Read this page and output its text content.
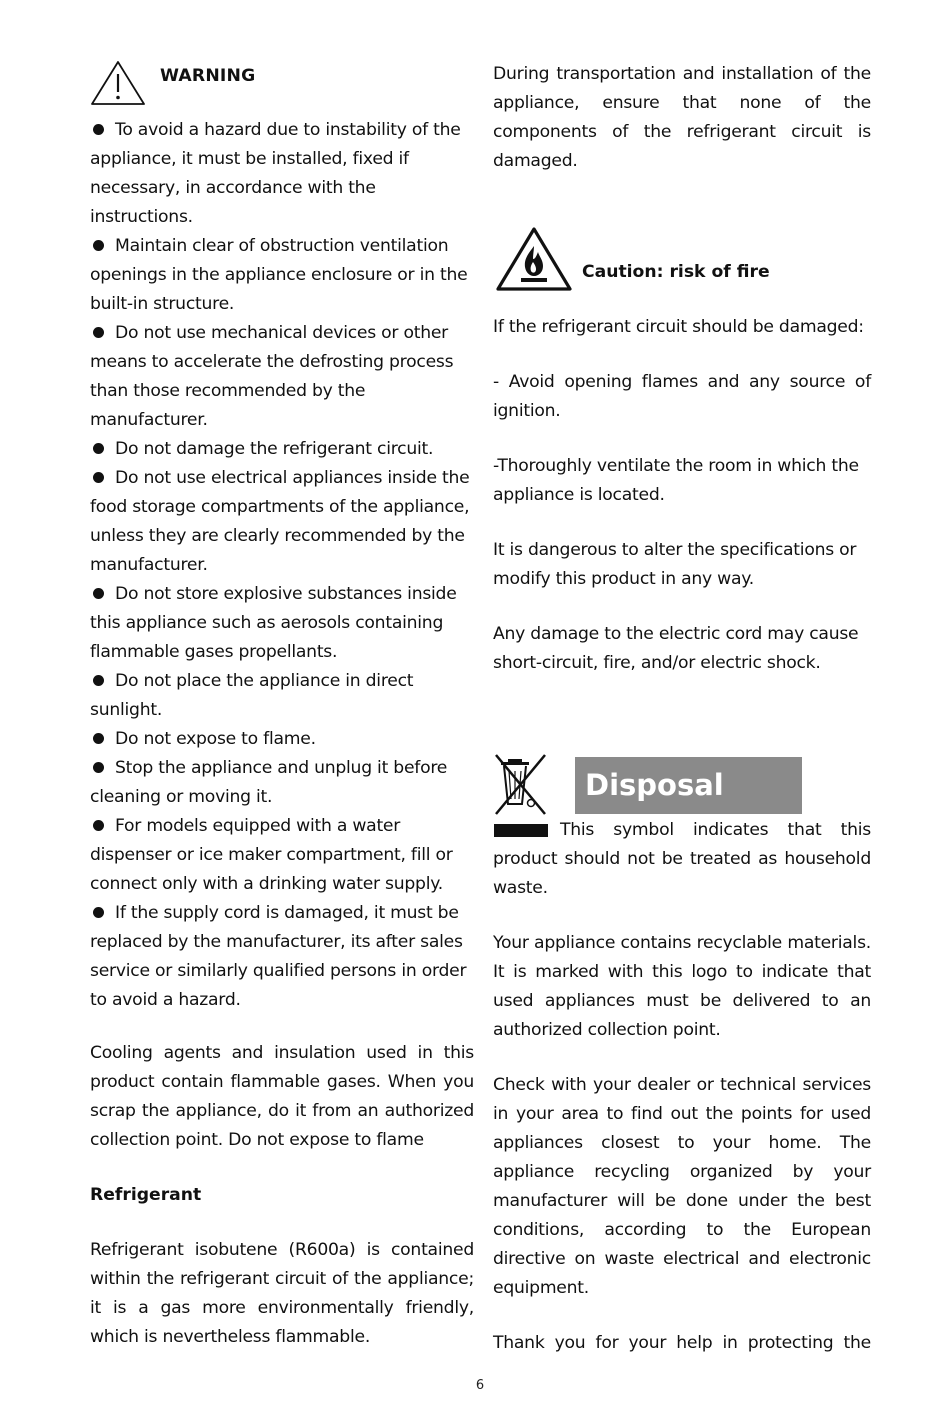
WARNING
To avoid a hazard due to instability of the appliance, it must be installed, fixed if necessary, in accordance with the instructions.
Maintain clear of obstruction ventilation openings in the appliance enclosure or in the built-in structure.
Do not use mechanical devices or other means to accelerate the defrosting process than those recommended by the manufacturer.
Do not damage the refrigerant circuit.
Do not use electrical appliances inside the food storage compartments of the appliance, unless they are clearly recommended by the manufacturer.
Do not store explosive substances inside this appliance such as aerosols containing flammable gases propellants.
Do not place the appliance in direct sunlight.
Do not expose to flame.
Stop the appliance and unplug it before cleaning or moving it.
For models equipped with a water dispenser or ice maker compartment, fill or connect only with a drinking water supply.
If the supply cord is damaged, it must be replaced by the manufacturer, its after sales service or similarly qualified persons in order to avoid a hazard.

Cooling agents and insulation used in this product contain flammable gases. When you scrap the appliance, do it from an authorized collection point. Do not expose to flame

Refrigerant

Refrigerant isobutene (R600a) is contained within the refrigerant circuit of the appliance; it is a gas more environmentally friendly, which is nevertheless flammable.

During transportation and installation of the appliance, ensure that none of the components of the refrigerant circuit is damaged.

Caution: risk of fire

If the refrigerant circuit should be damaged:

- Avoid opening flames and any source of ignition.

-Thoroughly ventilate the room in which the appliance is located.

It is dangerous to alter the specifications or modify this product in any way.

Any damage to the electric cord may cause short-circuit, fire, and/or electric shock.

Disposal

This symbol indicates that this product should not be treated as household waste.

Your appliance contains recyclable materials. It is marked with this logo to indicate that used appliances must be delivered to an authorized collection point.

Check with your dealer or technical services in your area to find out the points for used appliances closest to your home. The appliance recycling organized by your manufacturer will be done under the best conditions, according to the European directive on waste electrical and electronic equipment.

Thank you for your help in protecting the

6
